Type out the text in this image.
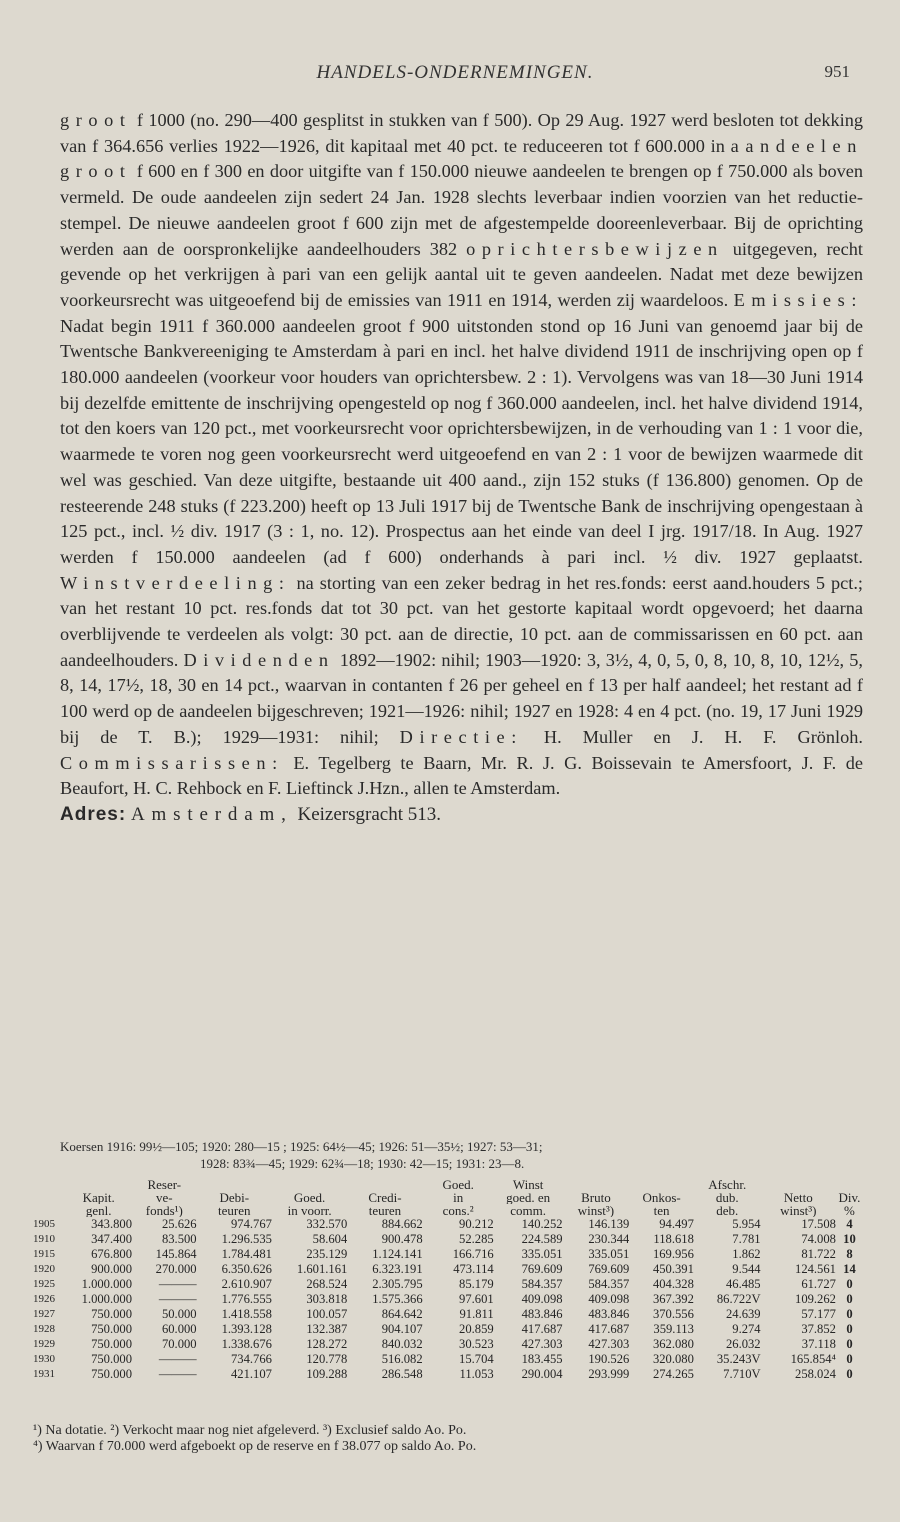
HANDELS-ONDERNEMINGEN.	951

groot f 1000 (no. 290—400 gesplitst in stukken van f 500). Op 29 Aug. 1927 werd besloten tot dekking van f 364.656 verlies 1922—1926, dit kapitaal met 40 pct. te reduceeren tot f 600.000 in aandeelen groot f 600 en f 300 en door uitgifte van f 150.000 nieuwe aandeelen te brengen op f 750.000 als boven vermeld. De oude aandeelen zijn sedert 24 Jan. 1928 slechts leverbaar indien voorzien van het reductie-stempel. De nieuwe aandeelen groot f 600 zijn met de afgestempelde dooreenleverbaar. Bij de oprichting werden aan de oorspronkelijke aandeelhouders 382 oprichtersbewijzen uitgegeven, recht gevende op het verkrijgen à pari van een gelijk aantal uit te geven aandeelen. Nadat met deze bewijzen voorkeursrecht was uitgeoefend bij de emissies van 1911 en 1914, werden zij waardeloos. Emissies: Nadat begin 1911 f 360.000 aandeelen groot f 900 uitstonden stond op 16 Juni van genoemd jaar bij de Twentsche Bankvereeniging te Amsterdam à pari en incl. het halve dividend 1911 de inschrijving open op f 180.000 aandeelen (voorkeur voor houders van oprichtersbew. 2 : 1). Vervolgens was van 18—30 Juni 1914 bij dezelfde emittente de inschrijving opengesteld op nog f 360.000 aandeelen, incl. het halve dividend 1914, tot den koers van 120 pct., met voorkeursrecht voor oprichtersbewijzen, in de verhouding van 1 : 1 voor die, waarmede te voren nog geen voorkeursrecht werd uitgeoefend en van 2 : 1 voor de bewijzen waarmede dit wel was geschied. Van deze uitgifte, bestaande uit 400 aand., zijn 152 stuks (f 136.800) genomen. Op de resteerende 248 stuks (f 223.200) heeft op 13 Juli 1917 bij de Twentsche Bank de inschrijving opengestaan à 125 pct., incl. ½ div. 1917 (3 : 1, no. 12). Prospectus aan het einde van deel I jrg. 1917/18. In Aug. 1927 werden f 150.000 aandeelen (ad f 600) onderhands à pari incl. ½ div. 1927 geplaatst. Winstverdeeling: na storting van een zeker bedrag in het res.fonds: eerst aand.houders 5 pct.; van het restant 10 pct. res.fonds dat tot 30 pct. van het gestorte kapitaal wordt opgevoerd; het daarna overblijvende te verdeelen als volgt: 30 pct. aan de directie, 10 pct. aan de commissarissen en 60 pct. aan aandeelhouders. Dividenden 1892—1902: nihil; 1903—1920: 3, 3½, 4, 0, 5, 0, 8, 10, 8, 10, 12½, 5, 8, 14, 17½, 18, 30 en 14 pct., waarvan in contanten f 26 per geheel en f 13 per half aandeel; het restant ad f 100 werd op de aandeelen bijgeschreven; 1921—1926: nihil; 1927 en 1928: 4 en 4 pct. (no. 19, 17 Juni 1929 bij de T. B.); 1929—1931: nihil; Directie: H. Muller en J. H. F. Grönloh. Commissarissen: E. Tegelberg te Baarn, Mr. R. J. G. Boissevain te Amersfoort, J. F. de Beaufort, H. C. Rehbock en F. Lieftinck J.Hzn., allen te Amsterdam.

Adres: Amsterdam, Keizersgracht 513.

Koersen 1916: 99½—105; 1920: 280—15 ; 1925: 64½—45; 1926: 51—35½; 1927: 53—31;
1928: 83¾—45; 1929: 62¾—18; 1930: 42—15; 1931: 23—8.
		Reser-				Goed.	Winst			Afschr.		
	Kapit.	ve-	Debi-	Goed.	Credi-	in	goed. en	Bruto	Onkos-	dub.	Netto	Div.
	genl.	fonds¹)	teuren	in voorr.	teuren	cons.²	comm.	winst³)	ten	deb.	winst³)	%
1905	343.800	25.626	974.767	332.570	884.662	90.212	140.252	146.139	94.497	5.954	17.508	4
1910	347.400	83.500	1.296.535	58.604	900.478	52.285	224.589	230.344	118.618	7.781	74.008	10
1915	676.800	145.864	1.784.481	235.129	1.124.141	166.716	335.051	335.051	169.956	1.862	81.722	8
1920	900.000	270.000	6.350.626	1.601.161	6.323.191	473.114	769.609	769.609	450.391	9.544	124.561	14
1925	1.000.000	———	2.610.907	268.524	2.305.795	85.179	584.357	584.357	404.328	46.485	61.727	0
1926	1.000.000	———	1.776.555	303.818	1.575.366	97.601	409.098	409.098	367.392	86.722V	109.262	0
1927	750.000	50.000	1.418.558	100.057	864.642	91.811	483.846	483.846	370.556	24.639	57.177	0
1928	750.000	60.000	1.393.128	132.387	904.107	20.859	417.687	417.687	359.113	9.274	37.852	0
1929	750.000	70.000	1.338.676	128.272	840.032	30.523	427.303	427.303	362.080	26.032	37.118	0
1930	750.000	———	734.766	120.778	516.082	15.704	183.455	190.526	320.080	35.243V	165.854⁴	0
1931	750.000	———	421.107	109.288	286.548	11.053	290.004	293.999	274.265	7.710V	258.024	0
¹) Na dotatie. ²) Verkocht maar nog niet afgeleverd. ³) Exclusief saldo Ao. Po.
⁴) Waarvan f 70.000 werd afgeboekt op de reserve en f 38.077 op saldo Ao. Po.
